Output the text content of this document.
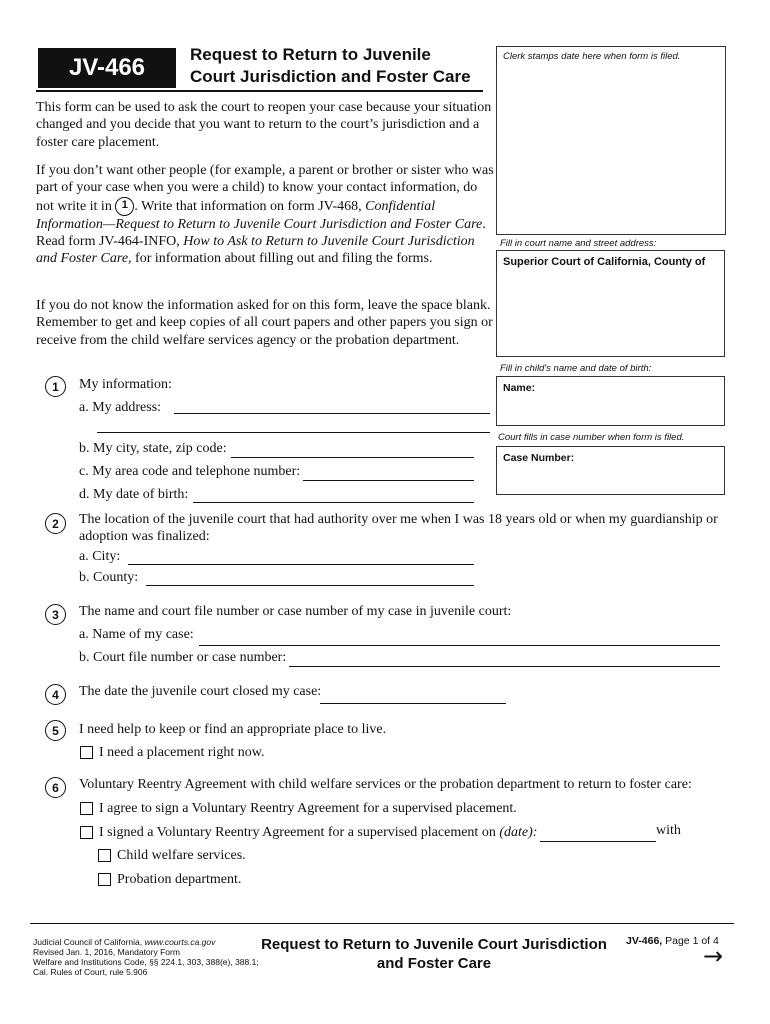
JV-466	Request to Return to Juvenile
Court Jurisdiction and Foster Care
Clerk stamps date here when form is filed.
Fill in court name and street address:
Superior Court of California, County of
Fill in child's name and date of birth:
Name:
Court fills in case number when form is filed.
Case Number:
This form can be used to ask the court to reopen your case because your situation changed and you decide that you want to return to the court’s jurisdiction and a foster care placement.
If you don’t want other people (for example, a parent or brother or sister who was part of your case when you were a child) to know your contact information, do not write it in 1 . Write that information on form JV-468, Confidential Information—Request to Return to Juvenile Court Jurisdiction and Foster Care. Read form JV-464-INFO, How to Ask to Return to Juvenile Court Jurisdiction and Foster Care, for information about filling out and filing the forms.
If you do not know the information asked for on this form, leave the space blank. Remember to get and keep copies of all court papers and other papers you sign or receive from the child welfare services agency or the probation department.
1	My information:
a. My address:
b. My city, state, zip code:
c. My area code and telephone number:
d. My date of birth:
2	The location of the juvenile court that had authority over me when I was 18 years old or when my guardianship or adoption was finalized:
a. City:
b. County:
3	The name and court file number or case number of my case in juvenile court:
a. Name of my case:
b. Court file number or case number:
4	The date the juvenile court closed my case:
5	I need help to keep or find an appropriate place to live.
I need a placement right now.
6	Voluntary Reentry Agreement with child welfare services or the probation department to return to foster care:
I agree to sign a Voluntary Reentry Agreement for a supervised placement.
I signed a Voluntary Reentry Agreement for a supervised placement on (date):	with
Child welfare services.
Probation department.
Judicial Council of California, www.courts.ca.gov
Revised Jan. 1, 2016, Mandatory Form
Welfare and Institutions Code, §§ 224.1, 303, 388(e), 388.1;
Cal. Rules of Court, rule 5.906
Request to Return to Juvenile Court Jurisdiction
and Foster Care
JV-466, Page 1 of 4
→
